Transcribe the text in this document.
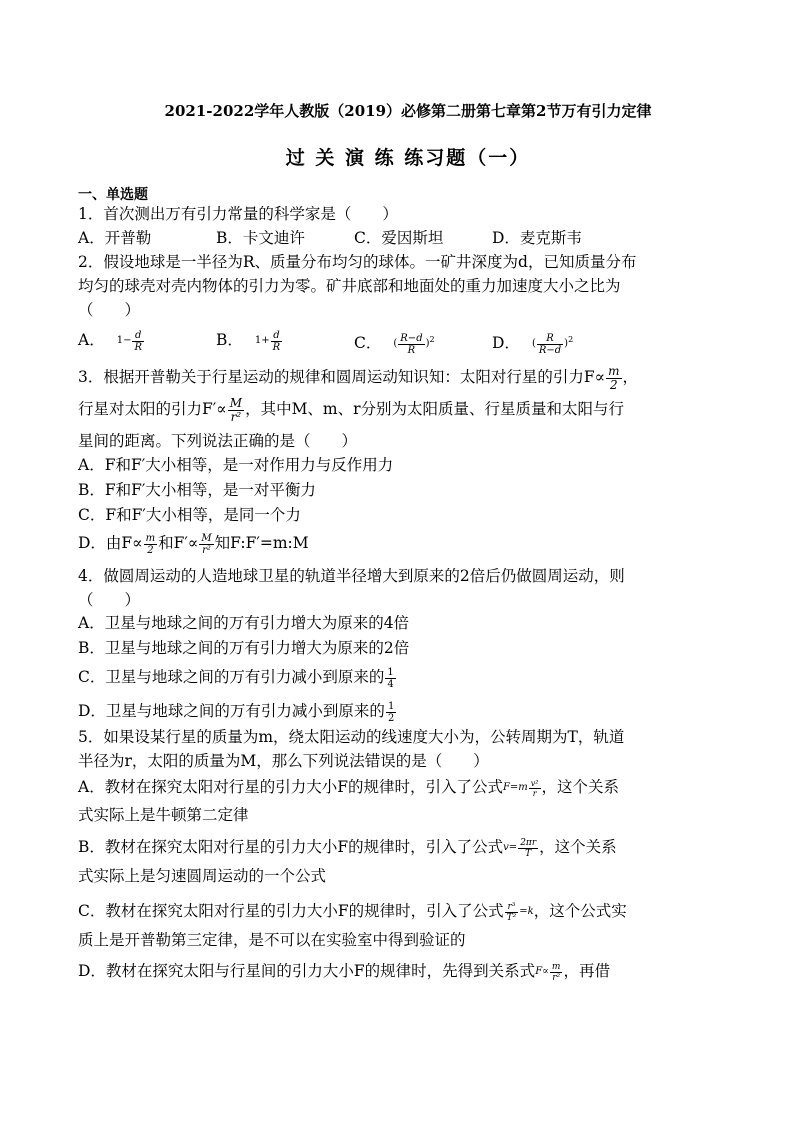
2021-2022学年人教版（2019）必修第二册第七章第2节万有引力定律
过 关 演 练 练习题（一）
一、单选题
1．首次测出万有引力常量的科学家是（　　）
A．开普勒	B．卡文迪许	C．爱因斯坦	D．麦克斯韦
2．假设地球是一半径为R、质量分布均匀的球体。一矿井深度为d，已知质量分布
均匀的球壳对壳内物体的引力为零。矿井底部和地面处的重力加速度大小之比为
（　　）
A． $1- \frac{d}{R}$	B． $1+ \frac{d}{R}$	C． ( $\frac{R-d}{R} )^2$	D． ( $\frac{R}{R-d} )^2$
3．根据开普勒关于行星运动的规律和圆周运动知识知：太阳对行星的引力$F\propto \frac{m}{2}$ ，
行星对太阳的引力$F'\propto \frac{M}{\text{r²}}$ ，其中M、m、r分别为太阳质量、行星质量和太阳与行
星间的距离。下列说法正确的是（　　）
A．F和F′大小相等，是一对作用力与反作用力
B．F和F′大小相等，是一对平衡力
C．F和F′大小相等，是同一个力
D．由$F\propto \frac{m}{2}$ 和$F'\propto \frac{M}{\text{r²}}$ 知F:F′=m:M
4．做圆周运动的人造地球卫星的轨道半径增大到原来的2倍后仍做圆周运动，则
（　　）
A．卫星与地球之间的万有引力增大为原来的4倍
B．卫星与地球之间的万有引力增大为原来的2倍
C．卫星与地球之间的万有引力减小到原来的 $\frac{1}{4}$
D．卫星与地球之间的万有引力减小到原来的 $\frac{1}{2}$
5．如果设某行星的质量为m，绕太阳运动的线速度大小为，公转周期为T，轨道
半径为r，太阳的质量为M，那么下列说法错误的是（　　）
A．教材在探究太阳对行星的引力大小F的规律时，引入了公式$F=m \frac{\text{v²}}{r}$ ，这个关系
式实际上是牛顿第二定律
B．教材在探究太阳对行星的引力大小F的规律时，引入了公式$v= \frac{2\pi r}{T}$ ，这个关系
式实际上是匀速圆周运动的一个公式
C．教材在探究太阳对行星的引力大小F的规律时，引入了公式 $\frac{\text{r³}}{\text{T²}} =k$，这个公式实
质上是开普勒第三定律，是不可以在实验室中得到验证的
D．教材在探究太阳与行星间的引力大小F的规律时，先得到关系式$F\propto \frac{m}{\text{r²}}$ ，再借
